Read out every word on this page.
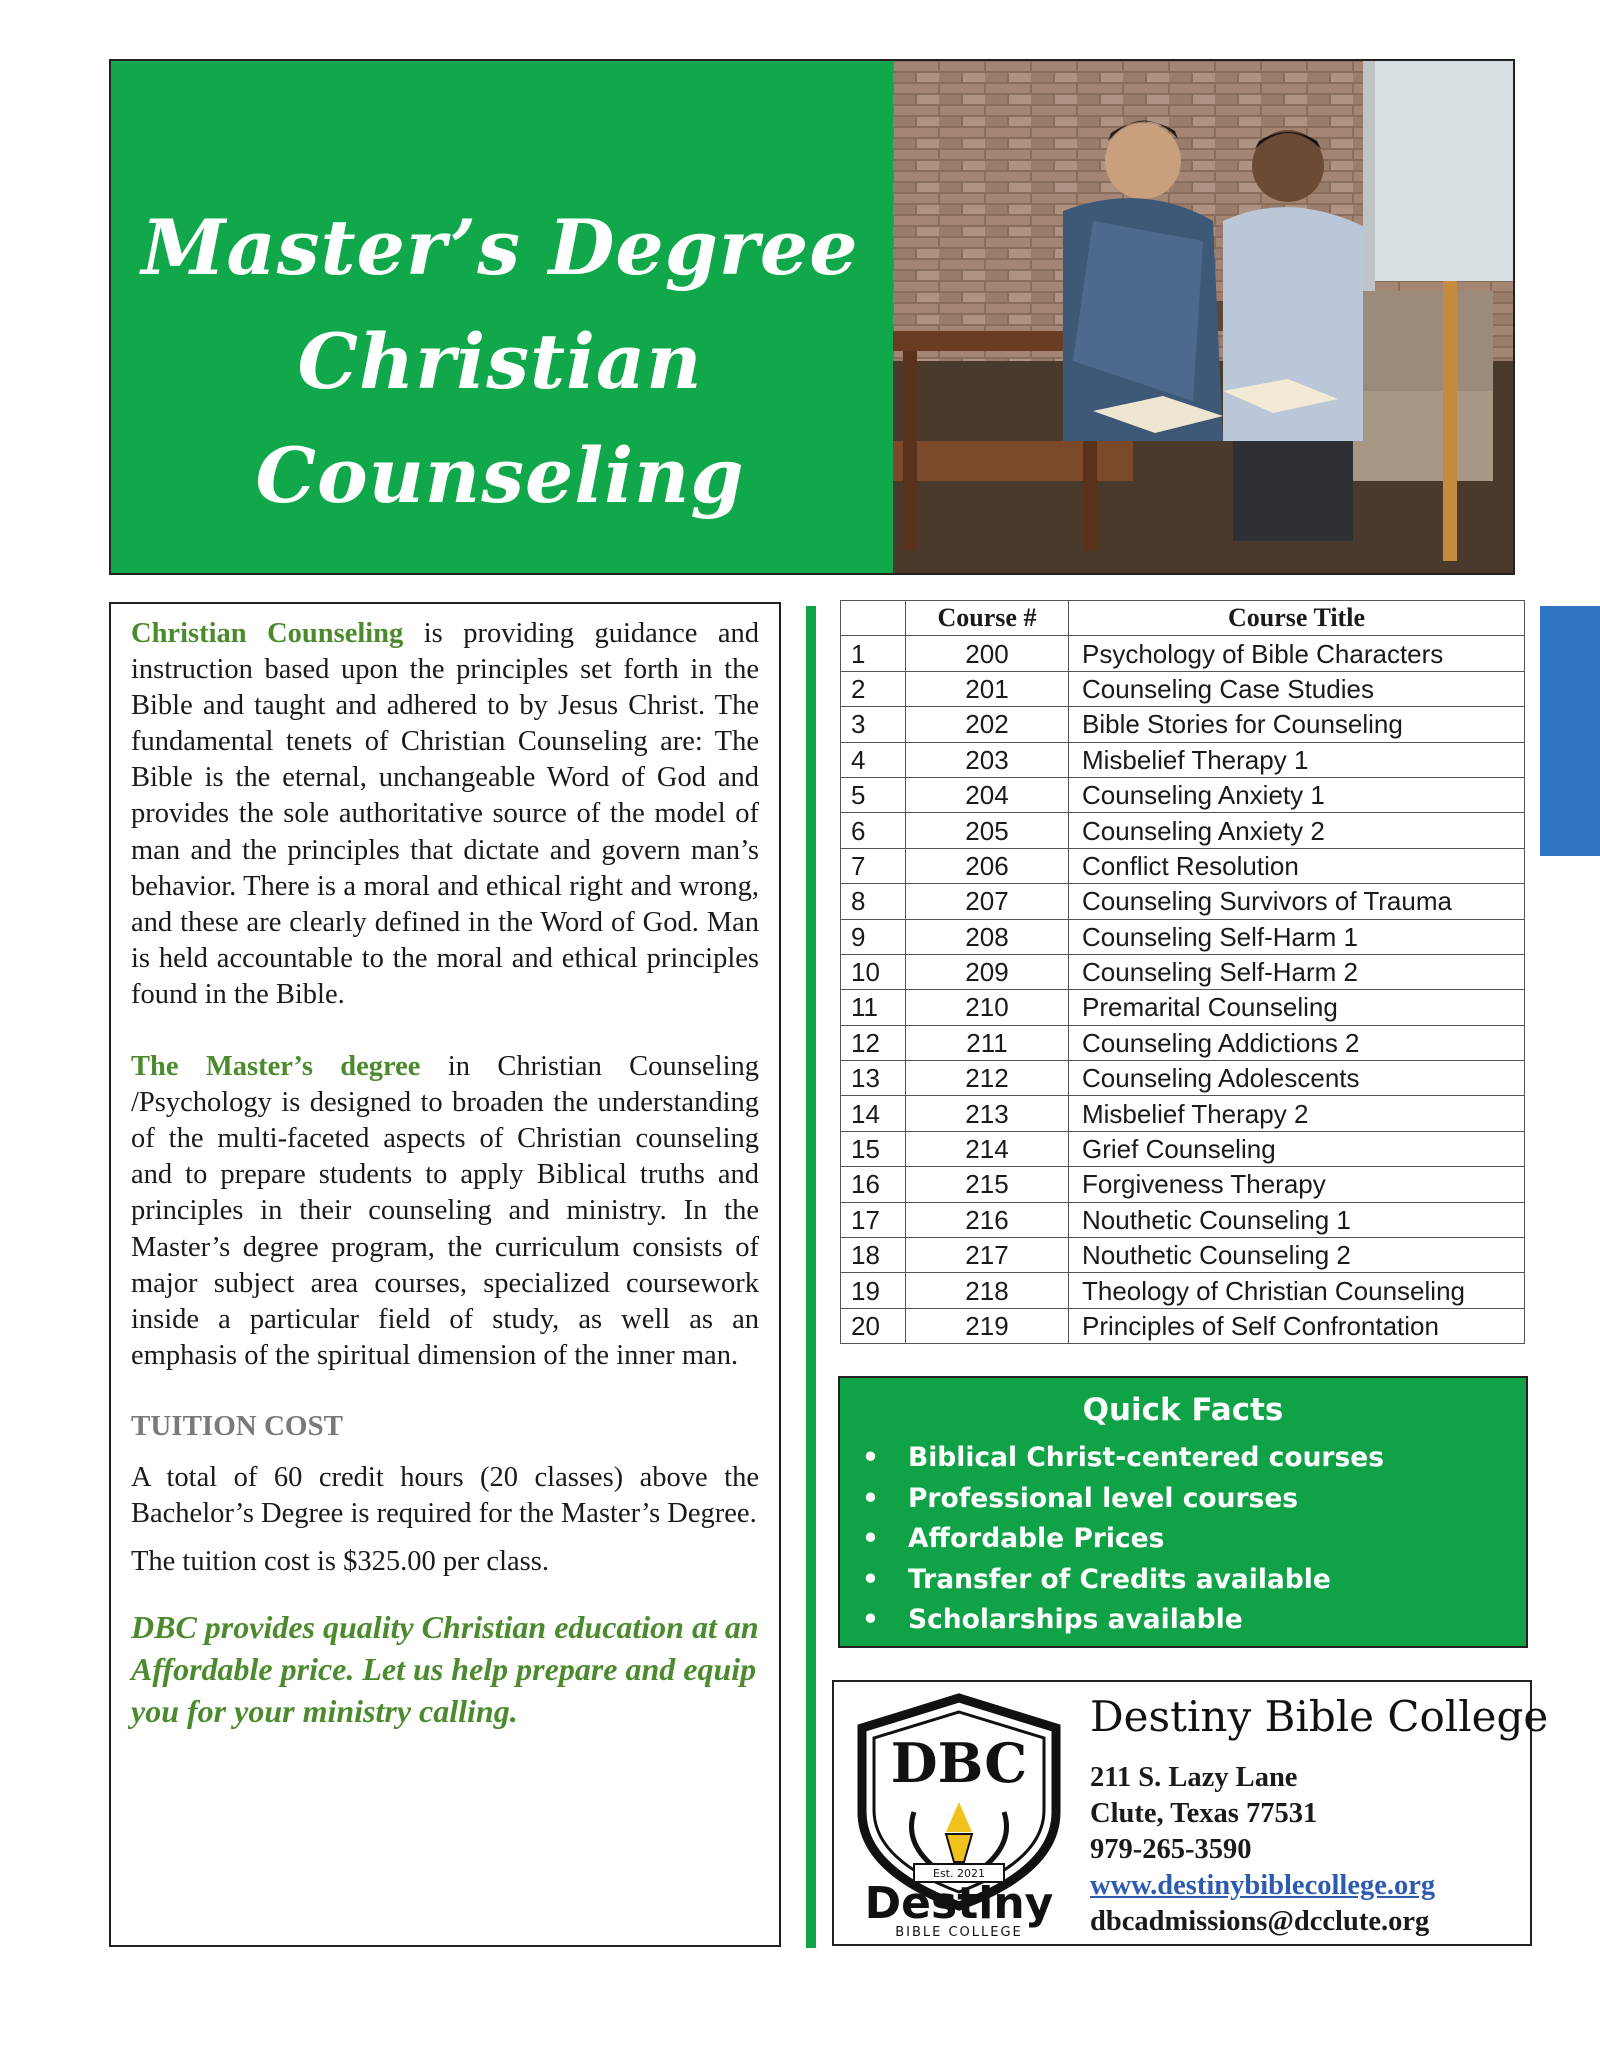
Master’s Degree
Christian Counseling

Christian Counseling is providing guidance and instruction based upon the principles set forth in the Bible and taught and adhered to by Jesus Christ. The fundamental tenets of Christian Counseling are: The Bible is the eternal, unchangeable Word of God and provides the sole authoritative source of the model of man and the principles that dictate and govern man’s behavior. There is a moral and ethical right and wrong, and these are clearly defined in the Word of God. Man is held accountable to the moral and ethical principles found in the Bible.

The Master’s degree in Christian Counseling /Psychology is designed to broaden the understanding of the multi-faceted aspects of Christian counseling and to prepare students to apply Biblical truths and principles in their counseling and ministry. In the Master’s degree program, the curriculum consists of major subject area courses, specialized coursework inside a particular field of study, as well as an emphasis of the spiritual dimension of the inner man.

TUITION COST

A total of 60 credit hours (20 classes) above the Bachelor’s Degree is required for the Master’s Degree.

The tuition cost is $325.00 per class.

DBC provides quality Christian education at an Affordable price. Let us help prepare and equip you for your ministry calling.
	Course #	Course Title
1	200	Psychology of Bible Characters
2	201	Counseling Case Studies
3	202	Bible Stories for Counseling
4	203	Misbelief Therapy 1
5	204	Counseling Anxiety 1
6	205	Counseling Anxiety 2
7	206	Conflict Resolution
8	207	Counseling Survivors of Trauma
9	208	Counseling Self-Harm 1
10	209	Counseling Self-Harm 2
11	210	Premarital Counseling
12	211	Counseling Addictions 2
13	212	Counseling Adolescents
14	213	Misbelief Therapy 2
15	214	Grief Counseling
16	215	Forgiveness Therapy
17	216	Nouthetic Counseling 1
18	217	Nouthetic Counseling 2
19	218	Theology of Christian Counseling
20	219	Principles of Self Confrontation
Quick Facts
• Biblical Christ-centered courses
• Professional level courses
• Affordable Prices
• Transfer of Credits available
• Scholarships available
DBC
Est. 2021
Destiny
BIBLE COLLEGE
Destiny Bible College
211 S. Lazy Lane
Clute, Texas 77531
979-265-3590
www.destinybiblecollege.org
dbcadmissions@dcclute.org
